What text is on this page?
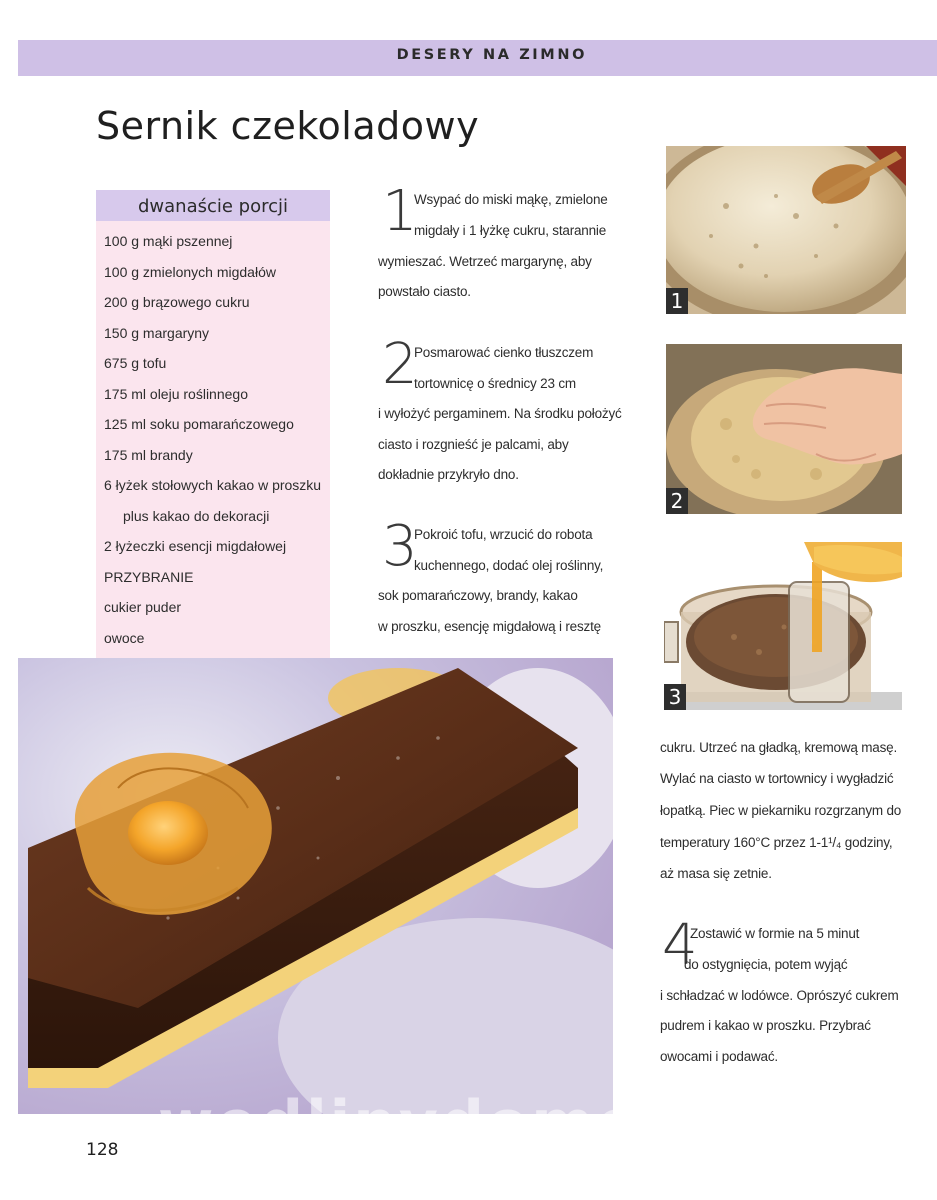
DESERY NA ZIMNO
Sernik czekoladowy
dwanaście porcji
100 g mąki pszennej
100 g zmielonych migdałów
200 g brązowego cukru
150 g margaryny
675 g tofu
175 ml oleju roślinnego
125 ml soku pomarańczowego
175 ml brandy
6 łyżek stołowych kakao w proszku
plus kakao do dekoracji
2 łyżeczki esencji migdałowej
PRZYBRANIE
cukier puder
owoce
1
Wsypać do miski mąkę, zmielone
migdały i 1 łyżkę cukru, starannie
wymieszać. Wetrzeć margarynę, aby
powstało ciasto.
2
Posmarować cienko tłuszczem
tortownicę o średnicy 23 cm
i wyłożyć pergaminem. Na środku położyć
ciasto i rozgnieść je palcami, aby
dokładnie przykryło dno.
3
Pokroić tofu, wrzucić do robota
kuchennego, dodać olej roślinny,
sok pomarańczowy, brandy, kakao
w proszku, esencję migdałową i resztę
cukru. Utrzeć na gładką, kremową masę.
Wylać na ciasto w tortownicy i wygładzić
łopatką. Piec w piekarniku rozgrzanym do
temperatury 160°C przez 1-1¹/₄ godziny,
aż masa się zetnie.
4
Zostawić w formie na 5 minut
do ostygnięcia, potem wyjąć
i schładzać w lodówce. Oprószyć cukrem
pudrem i kakao w proszku. Przybrać
owocami i podawać.
1
2
3
wedlinydomowe.pl
128
